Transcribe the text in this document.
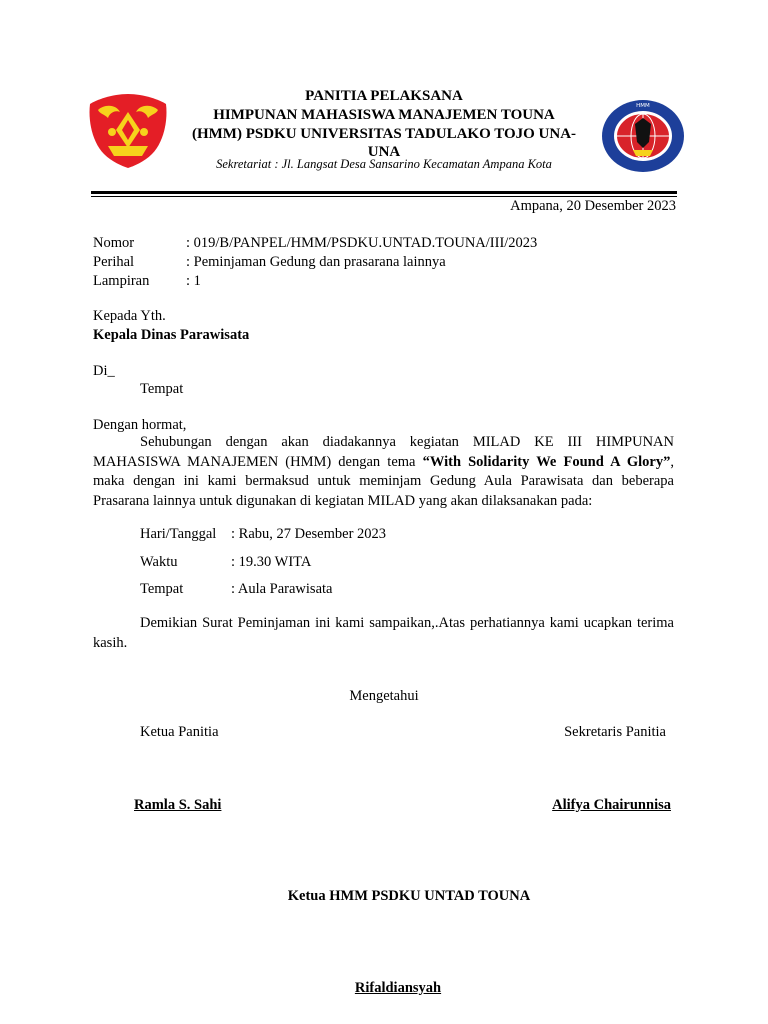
HMM
PANITIA PELAKSANA
HIMPUNAN MAHASISWA MANAJEMEN TOUNA
(HMM) PSDKU UNIVERSITAS TADULAKO TOJO UNA-
UNA
Sekretariat : Jl. Langsat Desa Sansarino Kecamatan Ampana Kota
Ampana, 20 Desember 2023
Nomor	: 019/B/PANPEL/HMM/PSDKU.UNTAD.TOUNA/III/2023
Perihal	: Peminjaman Gedung dan prasarana lainnya
Lampiran	: 1
Kepada Yth.
Kepala Dinas Parawisata
Di_
Tempat
Dengan hormat,
Sehubungan dengan akan diadakannya kegiatan MILAD KE III HIMPUNAN MAHASISWA MANAJEMEN (HMM) dengan tema “With Solidarity We Found A Glory”, maka dengan ini kami bermaksud untuk meminjam Gedung Aula Parawisata dan beberapa Prasarana lainnya untuk digunakan di kegiatan MILAD yang akan dilaksanakan pada:
Hari/Tanggal : Rabu, 27 Desember 2023
Waktu	: 19.30 WITA
Tempat	: Aula Parawisata
Demikian Surat Peminjaman ini kami sampaikan,.Atas perhatiannya kami ucapkan terima kasih.
Mengetahui
Ketua Panitia	Sekretaris Panitia
Ramla S. Sahi	Alifya Chairunnisa
Ketua HMM PSDKU UNTAD TOUNA
Rifaldiansyah
